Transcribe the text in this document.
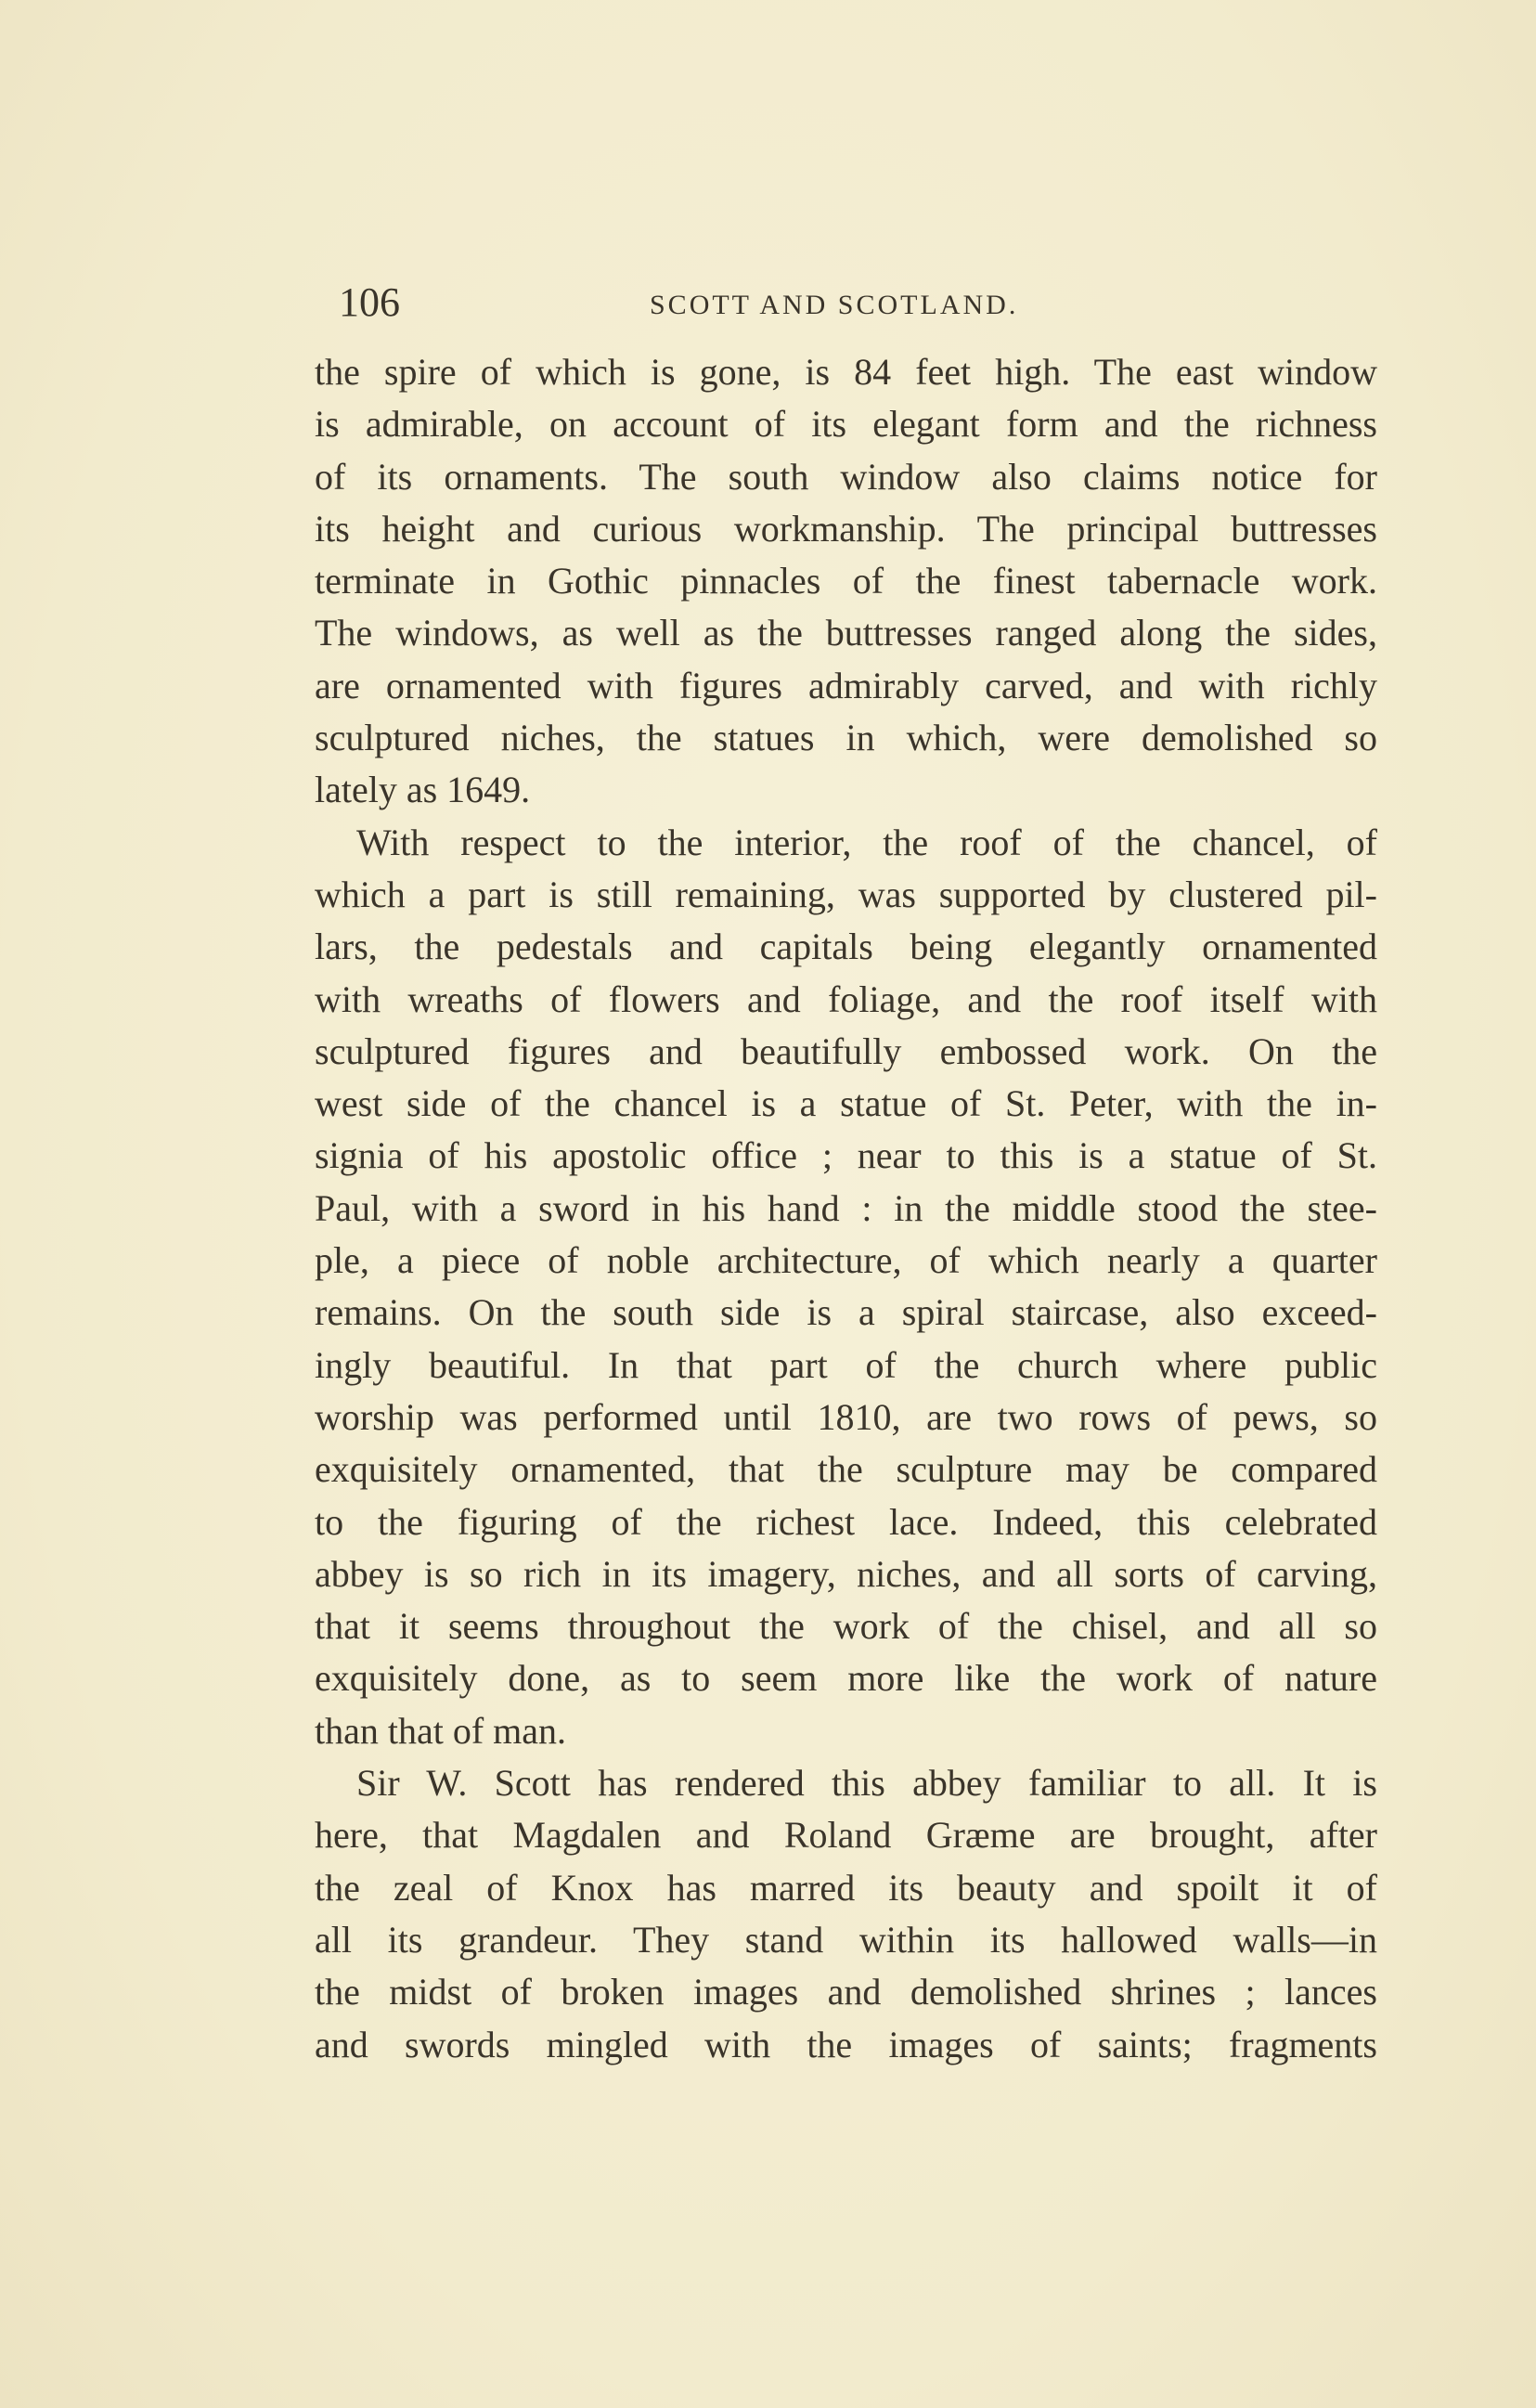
106	SCOTT AND SCOTLAND.
the spire of which is gone, is 84 feet high. The east window
is admirable, on account of its elegant form and the richness
of its ornaments. The south window also claims notice for
its height and curious workmanship. The principal buttresses
terminate in Gothic pinnacles of the finest tabernacle work.
The windows, as well as the buttresses ranged along the sides,
are ornamented with figures admirably carved, and with richly
sculptured niches, the statues in which, were demolished so
lately as 1649.
With respect to the interior, the roof of the chancel, of
which a part is still remaining, was supported by clustered pil-
lars, the pedestals and capitals being elegantly ornamented
with wreaths of flowers and foliage, and the roof itself with
sculptured figures and beautifully embossed work. On the
west side of the chancel is a statue of St. Peter, with the in-
signia of his apostolic office ; near to this is a statue of St.
Paul, with a sword in his hand : in the middle stood the stee-
ple, a piece of noble architecture, of which nearly a quarter
remains. On the south side is a spiral staircase, also exceed-
ingly beautiful. In that part of the church where public
worship was performed until 1810, are two rows of pews, so
exquisitely ornamented, that the sculpture may be compared
to the figuring of the richest lace. Indeed, this celebrated
abbey is so rich in its imagery, niches, and all sorts of carving,
that it seems throughout the work of the chisel, and all so
exquisitely done, as to seem more like the work of nature
than that of man.
Sir W. Scott has rendered this abbey familiar to all. It is
here, that Magdalen and Roland Græme are brought, after
the zeal of Knox has marred its beauty and spoilt it of
all its grandeur. They stand within its hallowed walls—in
the midst of broken images and demolished shrines ; lances
and swords mingled with the images of saints; fragments
